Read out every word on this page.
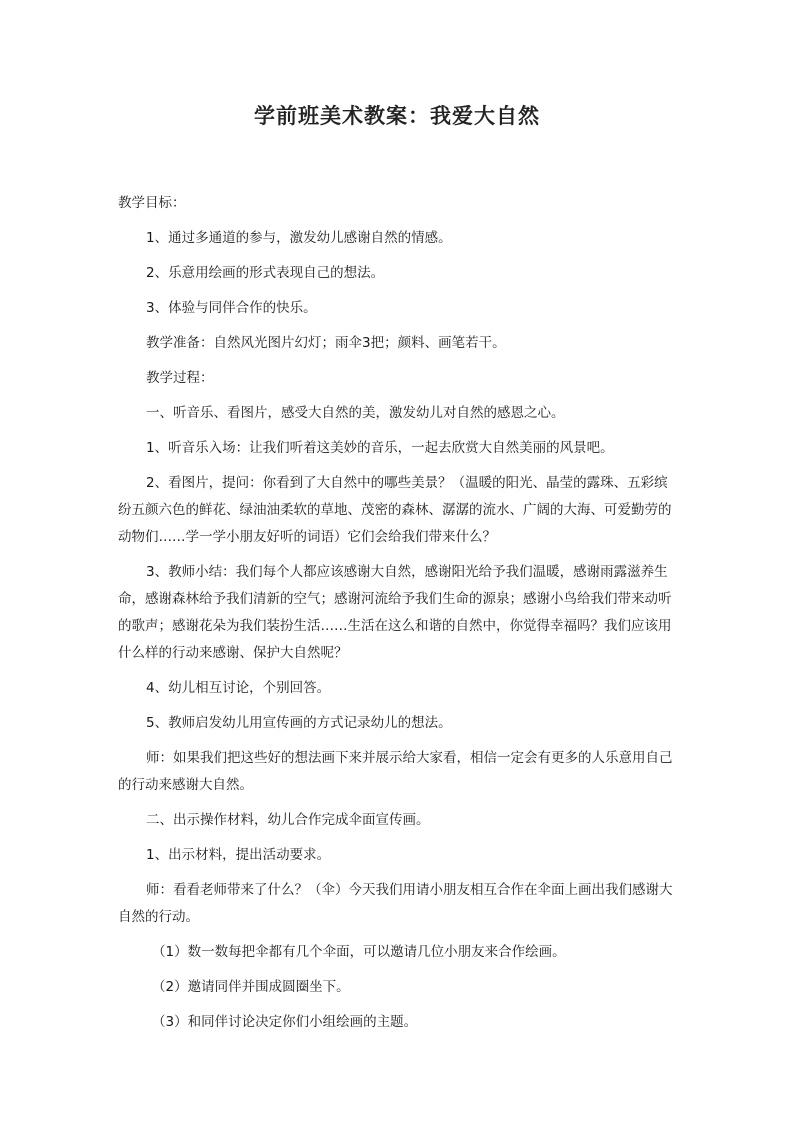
学前班美术教案：我爱大自然

教学目标：

1、通过多通道的参与，激发幼儿感谢自然的情感。

2、乐意用绘画的形式表现自己的想法。

3、体验与同伴合作的快乐。

教学准备：自然风光图片幻灯；雨伞3把；颜料、画笔若干。

教学过程：

一、听音乐、看图片，感受大自然的美，激发幼儿对自然的感恩之心。

1、听音乐入场：让我们听着这美妙的音乐，一起去欣赏大自然美丽的风景吧。

2、看图片，提问：你看到了大自然中的哪些美景？（温暖的阳光、晶莹的露珠、五彩缤纷五颜六色的鲜花、绿油油柔软的草地、茂密的森林、潺潺的流水、广阔的大海、可爱勤劳的动物们……学一学小朋友好听的词语）它们会给我们带来什么？

3、教师小结：我们每个人都应该感谢大自然，感谢阳光给予我们温暖，感谢雨露滋养生命，感谢森林给予我们清新的空气；感谢河流给予我们生命的源泉；感谢小鸟给我们带来动听的歌声；感谢花朵为我们装扮生活……生活在这么和谐的自然中，你觉得幸福吗？我们应该用什么样的行动来感谢、保护大自然呢？

4、幼儿相互讨论，个别回答。

5、教师启发幼儿用宣传画的方式记录幼儿的想法。

师：如果我们把这些好的想法画下来并展示给大家看，相信一定会有更多的人乐意用自己的行动来感谢大自然。

二、出示操作材料，幼儿合作完成伞面宣传画。

1、出示材料，提出活动要求。

师：看看老师带来了什么？（伞）今天我们用请小朋友相互合作在伞面上画出我们感谢大自然的行动。

（1）数一数每把伞都有几个伞面，可以邀请几位小朋友来合作绘画。

（2）邀请同伴并围成圆圈坐下。

（3）和同伴讨论决定你们小组绘画的主题。
